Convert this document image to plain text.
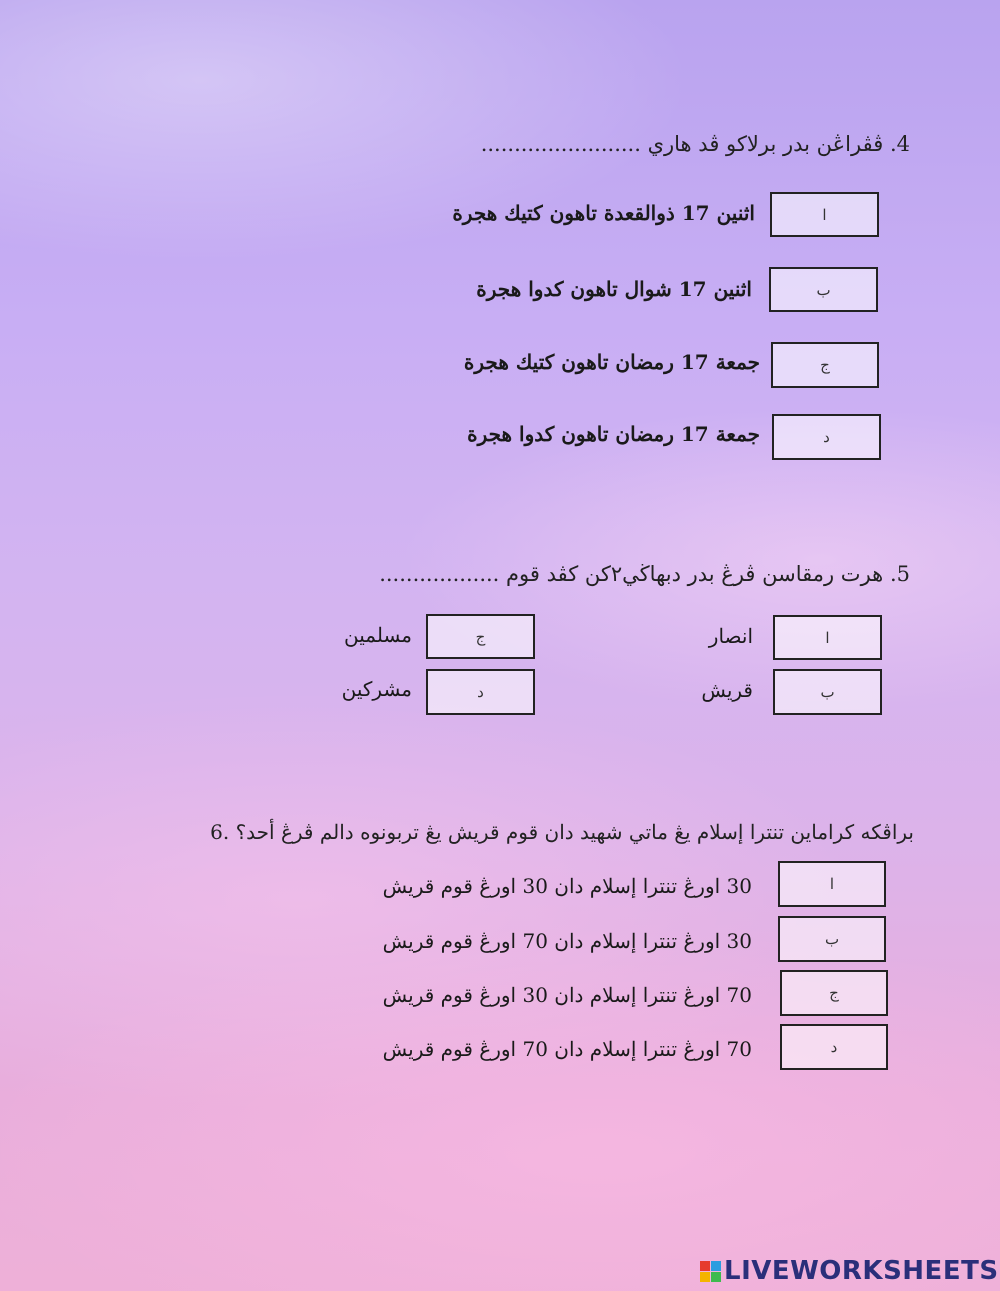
4. ڤڤراڠن بدر برلاكو ڤد هاري ........................
ا
اثنين 17 ذوالقعدة تاهون كتيك هجرة
ب
اثنين 17 شوال تاهون كدوا هجرة
ج
جمعة 17 رمضان تاهون كتيك هجرة
د
جمعة 17 رمضان تاهون كدوا هجرة
5. هرت رمقاسن ڤرڠ بدر دبهاڬي٢كن كڤد قوم ..................
ا
انصار
ب
قريش
ج
مسلمين
د
مشركين
براڤكه كراماين تنترا إسلام يڠ ماتي شهيد دان قوم قريش يڠ تربونوه دالم ڤرڠ أحد؟ .6
ا
30 اورڠ تنترا إسلام دان 30 اورڠ قوم قريش
ب
30 اورڠ تنترا إسلام دان 70 اورڠ قوم قريش
ج
70 اورڠ تنترا إسلام دان 30 اورڠ قوم قريش
د
70 اورڠ تنترا إسلام دان 70 اورڠ قوم قريش
LIVEWORKSHEETS
